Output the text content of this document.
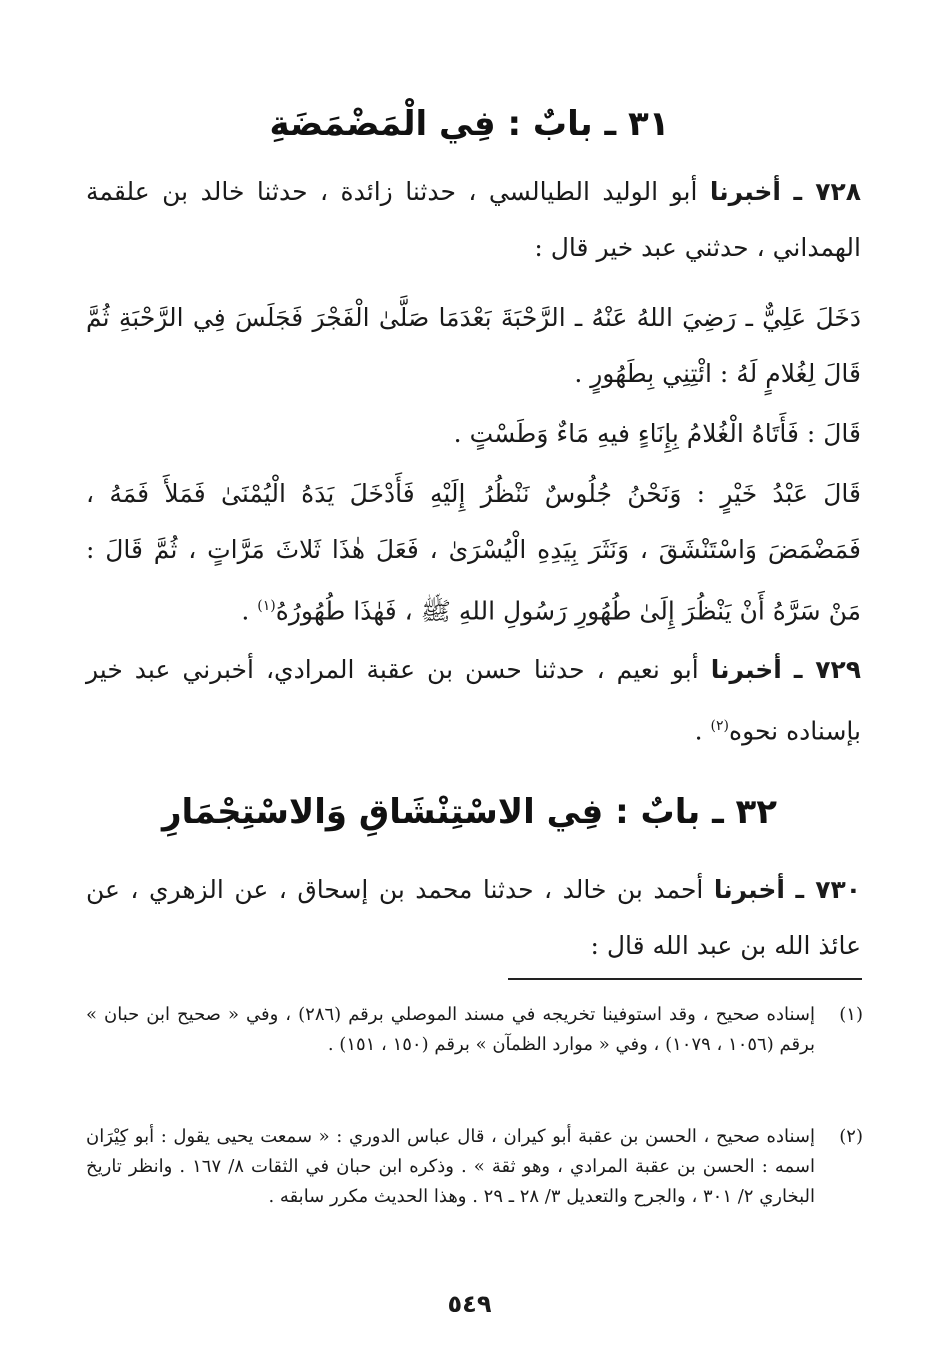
٣١ ـ بابٌ : فِي الْمَضْمَضَةِ
٧٢٨ ـ أخبرنا أبو الوليد الطيالسي ، حدثنا زائدة ، حدثنا خالد بن علقمة الهمداني ، حدثني عبد خير قال :
دَخَلَ عَلِيٌّ ـ رَضِيَ اللهُ عَنْهُ ـ الرَّحْبَةَ بَعْدَمَا صَلَّىٰ الْفَجْرَ فَجَلَسَ فِي الرَّحْبَةِ ثُمَّ قَالَ لِغُلامٍ لَهُ : ائْتِنِي بِطَهُورٍ .
قَالَ : فَأَتَاهُ الْغُلامُ بِإِنَاءٍ فيهِ مَاءٌ وَطَسْتٍ .
قَالَ عَبْدُ خَيْرٍ : وَنَحْنُ جُلُوسٌ نَنْظُرُ إِلَيْهِ فَأَدْخَلَ يَدَهُ الْيُمْنَىٰ فَمَلأَ فَمَهُ ، فَمَضْمَضَ وَاسْتَنْشَقَ ، وَنَثَرَ بِيَدِهِ الْيُسْرَىٰ ، فَعَلَ هٰذَا ثَلاثَ مَرَّاتٍ ، ثُمَّ قَالَ : مَنْ سَرَّهُ أَنْ يَنْظُرَ إِلَىٰ طُهُورِ رَسُولِ اللهِ ﷺ ، فَهٰذَا طُهُورُهُ$^{(١)}$ .
٧٢٩ ـ أخبرنا أبو نعيم ، حدثنا حسن بن عقبة المرادي، أخبرني عبد خير بإسناده نحوه$^{(٢)}$ .
٣٢ ـ بابٌ : فِي الاسْتِنْشَاقِ وَالاسْتِجْمَارِ
٧٣٠ ـ أخبرنا أحمد بن خالد ، حدثنا محمد بن إسحاق ، عن الزهري ، عن عائذ الله بن عبد الله قال :
(١)
إسناده صحيح ، وقد استوفينا تخريجه في مسند الموصلي برقم (٢٨٦) ، وفي « صحيح ابن حبان » برقم (١٠٥٦ ، ١٠٧٩) ، وفي « موارد الظمآن » برقم (١٥٠ ، ١٥١) .
(٢)
إسناده صحيح ، الحسن بن عقبة أبو كيران ، قال عباس الدوري : « سمعت يحيى يقول : أبو كِيْرَان اسمه : الحسن بن عقبة المرادي ، وهو ثقة » . وذكره ابن حبان في الثقات ٨/ ١٦٧ . وانظر تاريخ البخاري ٢/ ٣٠١ ، والجرح والتعديل ٣/ ٢٨ ـ ٢٩ . وهذا الحديث مكرر سابقه .
٥٤٩
